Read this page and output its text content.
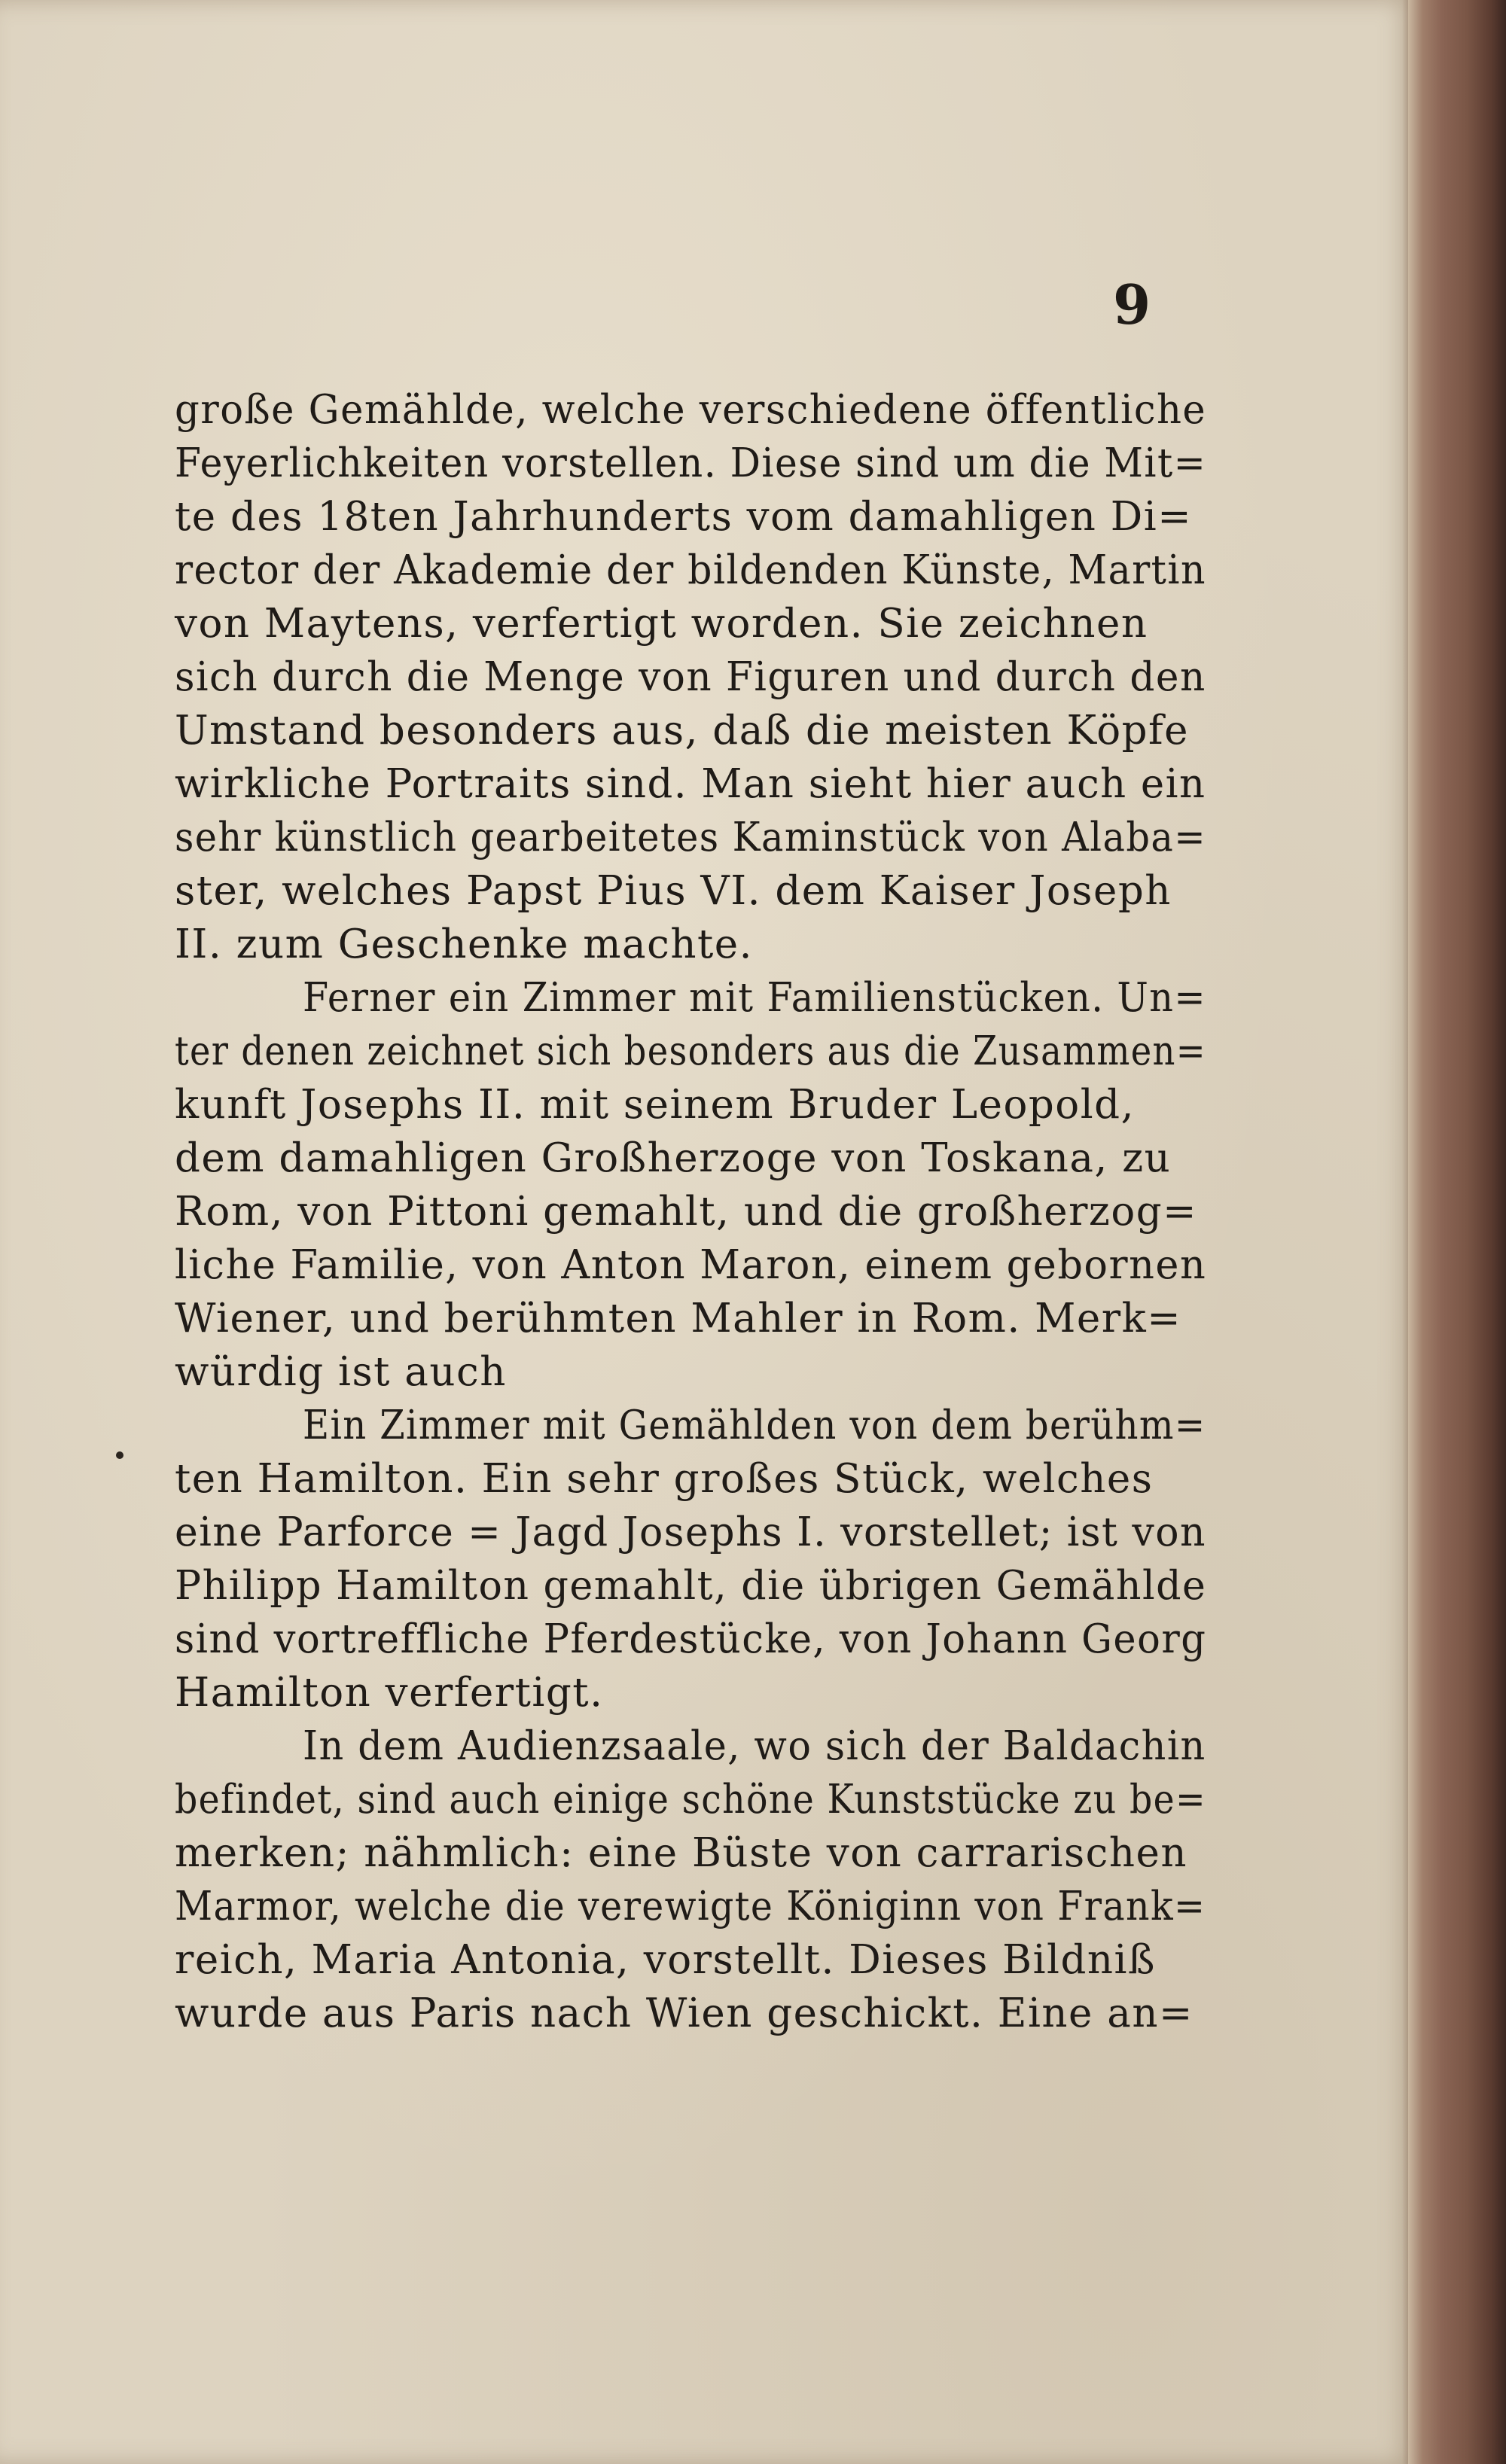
9
große Gemählde, welche verschiedene öffentliche
Feyerlichkeiten vorstellen. Diese sind um die Mit=
te des 18ten Jahrhunderts vom damahligen Di=
rector der Akademie der bildenden Künste, Martin
von Maytens, verfertigt worden. Sie zeichnen
sich durch die Menge von Figuren und durch den
Umstand besonders aus, daß die meisten Köpfe
wirkliche Portraits sind. Man sieht hier auch ein
sehr künstlich gearbeitetes Kaminstück von Alaba=
ster, welches Papst Pius VI. dem Kaiser Joseph
II. zum Geschenke machte.
Ferner ein Zimmer mit Familienstücken. Un=
ter denen zeichnet sich besonders aus die Zusammen=
kunft Josephs II. mit seinem Bruder Leopold,
dem damahligen Großherzoge von Toskana, zu
Rom, von Pittoni gemahlt, und die großherzog=
liche Familie, von Anton Maron, einem gebornen
Wiener, und berühmten Mahler in Rom. Merk=
würdig ist auch
Ein Zimmer mit Gemählden von dem berühm=
ten Hamilton. Ein sehr großes Stück, welches
eine Parforce = Jagd Josephs I. vorstellet; ist von
Philipp Hamilton gemahlt, die übrigen Gemählde
sind vortreffliche Pferdestücke, von Johann Georg
Hamilton verfertigt.
In dem Audienzsaale, wo sich der Baldachin
befindet, sind auch einige schöne Kunststücke zu be=
merken; nähmlich: eine Büste von carrarischen
Marmor, welche die verewigte Königinn von Frank=
reich, Maria Antonia, vorstellt. Dieses Bildniß
wurde aus Paris nach Wien geschickt. Eine an=
